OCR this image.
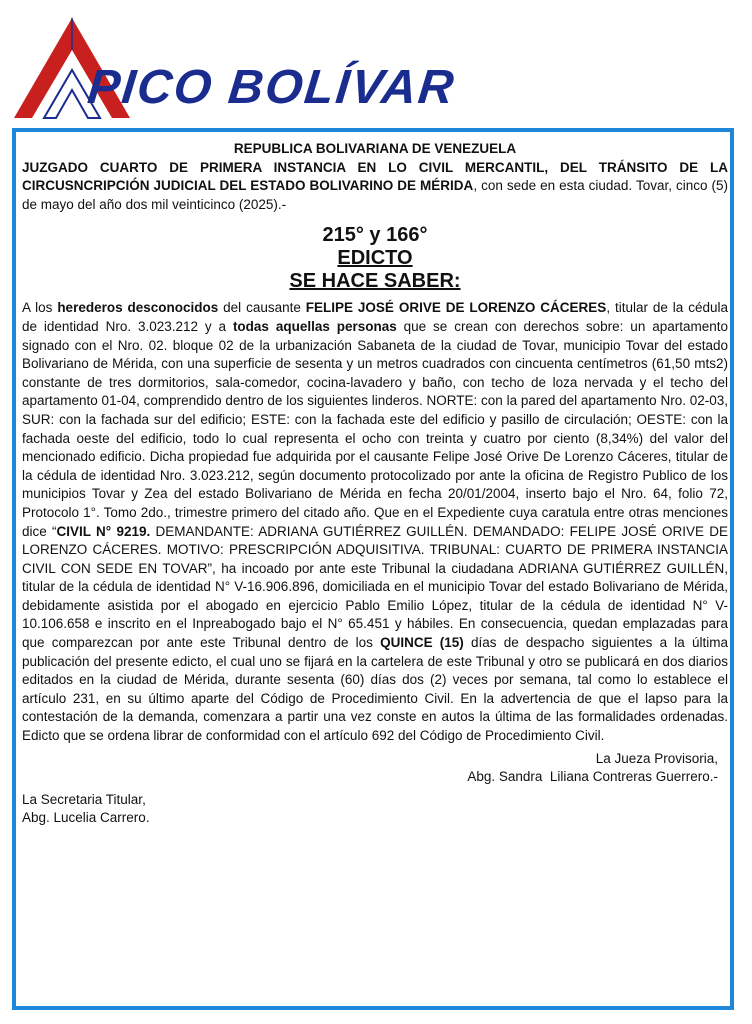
PICO BOLÍVAR
REPUBLICA BOLIVARIANA DE VENEZUELA
JUZGADO CUARTO DE PRIMERA INSTANCIA EN LO CIVIL MERCANTIL, DEL TRÁNSITO DE LA CIRCUSNCRIPCIÓN JUDICIAL DEL ESTADO BOLIVARINO DE MÉRIDA, con sede en esta ciudad. Tovar, cinco (5) de mayo del año dos mil veinticinco (2025).-

215° y 166°

EDICTO

SE HACE SABER:

A los herederos desconocidos del causante FELIPE JOSÉ ORIVE DE LORENZO CÁCERES, titular de la cédula de identidad Nro. 3.023.212 y a todas aquellas personas que se crean con derechos sobre: un apartamento signado con el Nro. 02. bloque 02 de la urbanización Sabaneta de la ciudad de Tovar, municipio Tovar del estado Bolivariano de Mérida, con una superficie de sesenta y un metros cuadrados con cincuenta centímetros (61,50 mts2) constante de tres dormitorios, sala-comedor, cocina-lavadero y baño, con techo de loza nervada y el techo del apartamento 01-04, comprendido dentro de los siguientes linderos. NORTE: con la pared del apartamento Nro. 02-03, SUR: con la fachada sur del edificio; ESTE: con la fachada este del edificio y pasillo de circulación; OESTE: con la fachada oeste del edificio, todo lo cual representa el ocho con treinta y cuatro por ciento (8,34%) del valor del mencionado edificio. Dicha propiedad fue adquirida por el causante Felipe José Orive De Lorenzo Cáceres, titular de la cédula de identidad Nro. 3.023.212, según documento protocolizado por ante la oficina de Registro Publico de los municipios Tovar y Zea del estado Bolivariano de Mérida en fecha 20/01/2004, inserto bajo el Nro. 64, folio 72, Protocolo 1°. Tomo 2do., trimestre primero del citado año. Que en el Expediente cuya caratula entre otras menciones dice “CIVIL N° 9219. DEMANDANTE: ADRIANA GUTIÉRREZ GUILLÉN. DEMANDADO: FELIPE JOSÉ ORIVE DE LORENZO CÁCERES. MOTIVO: PRESCRIPCIÓN ADQUISITIVA. TRIBUNAL: CUARTO DE PRIMERA INSTANCIA CIVIL CON SEDE EN TOVAR”, ha incoado por ante este Tribunal la ciudadana ADRIANA GUTIÉRREZ GUILLÉN, titular de la cédula de identidad N° V-16.906.896, domiciliada en el municipio Tovar del estado Bolivariano de Mérida, debidamente asistida por el abogado en ejercicio Pablo Emilio López, titular de la cédula de identidad N° V-10.106.658 e inscrito en el Inpreabogado bajo el N° 65.451 y hábiles. En consecuencia, quedan emplazadas para que comparezcan por ante este Tribunal dentro de los QUINCE (15) días de despacho siguientes a la última publicación del presente edicto, el cual uno se fijará en la cartelera de este Tribunal y otro se publicará en dos diarios editados en la ciudad de Mérida, durante sesenta (60) días dos (2) veces por semana, tal como lo establece el artículo 231, en su último aparte del Código de Procedimiento Civil. En la advertencia de que el lapso para la contestación de la demanda, comenzara a partir una vez conste en autos la última de las formalidades ordenadas. Edicto que se ordena librar de conformidad con el artículo 692 del Código de Procedimiento Civil.
La Jueza Provisoria,
Abg. Sandra  Liliana Contreras Guerrero.-
La Secretaria Titular,
Abg. Lucelia Carrero.
